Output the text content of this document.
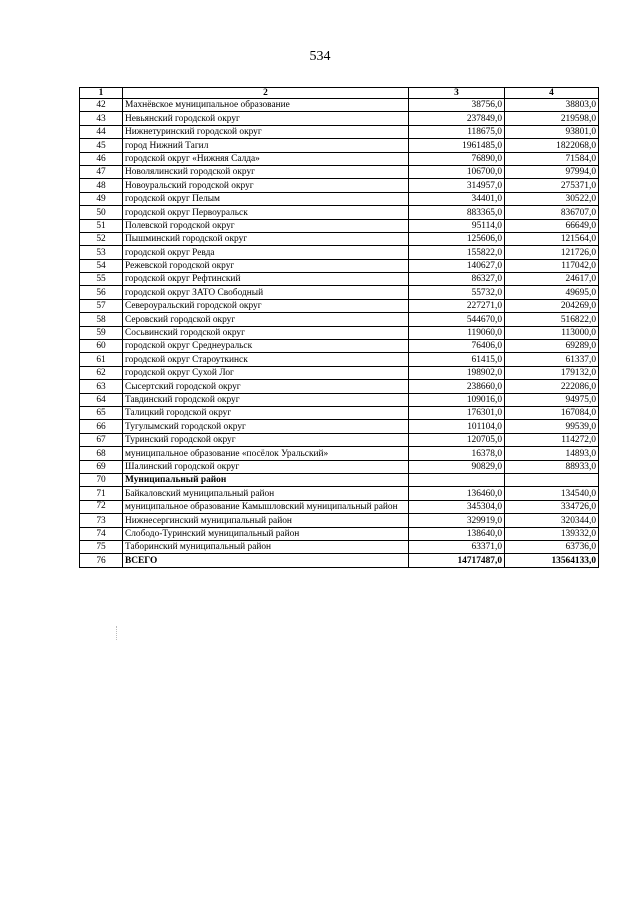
534
1	2	3	4
42	Махнёвское муниципальное образование	38756,0	38803,0
43	Невьянский городской округ	237849,0	219598,0
44	Нижнетуринский городской округ	118675,0	93801,0
45	город Нижний Тагил	1961485,0	1822068,0
46	городской округ «Нижняя Салда»	76890,0	71584,0
47	Новолялинский городской округ	106700,0	97994,0
48	Новоуральский городской округ	314957,0	275371,0
49	городской округ Пелым	34401,0	30522,0
50	городской округ Первоуральск	883365,0	836707,0
51	Полевской городской округ	95114,0	66649,0
52	Пышминский городской округ	125606,0	121564,0
53	городской округ Ревда	155822,0	121726,0
54	Режевской городской округ	140627,0	117042,0
55	городской округ Рефтинский	86327,0	24617,0
56	городской округ ЗАТО Свободный	55732,0	49695,0
57	Североуральский городской округ	227271,0	204269,0
58	Серовский городской округ	544670,0	516822,0
59	Сосьвинский городской округ	119060,0	113000,0
60	городской округ Среднеуральск	76406,0	69289,0
61	городской округ Староуткинск	61415,0	61337,0
62	городской округ Сухой Лог	198902,0	179132,0
63	Сысертский городской округ	238660,0	222086,0
64	Тавдинский городской округ	109016,0	94975,0
65	Талицкий городской округ	176301,0	167084,0
66	Тугулымский городской округ	101104,0	99539,0
67	Туринский городской округ	120705,0	114272,0
68	муниципальное образование «посёлок Уральский»	16378,0	14893,0
69	Шалинский городской округ	90829,0	88933,0
70	Муниципальный район		
71	Байкаловский муниципальный район	136460,0	134540,0
72	муниципальное образование Камышловский муниципальный район	345304,0	334726,0
73	Нижнесергинский муниципальный район	329919,0	320344,0
74	Слободо-Туринский муниципальный район	138640,0	139332,0
75	Таборинский муниципальный район	63371,0	63736,0
76	ВСЕГО	14717487,0	13564133,0
